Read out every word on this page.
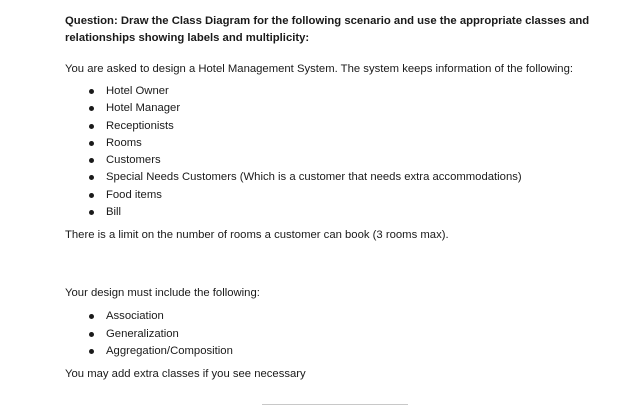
Question: Draw the Class Diagram for the following scenario and use the appropriate classes and relationships showing labels and multiplicity:

You are asked to design a Hotel Management System. The system keeps information of the following:

Hotel Owner
Hotel Manager
Receptionists
Rooms
Customers
Special Needs Customers (Which is a customer that needs extra accommodations)
Food items
Bill

There is a limit on the number of rooms a customer can book (3 rooms max).

Your design must include the following:

Association
Generalization
Aggregation/Composition

You may add extra classes if you see necessary
